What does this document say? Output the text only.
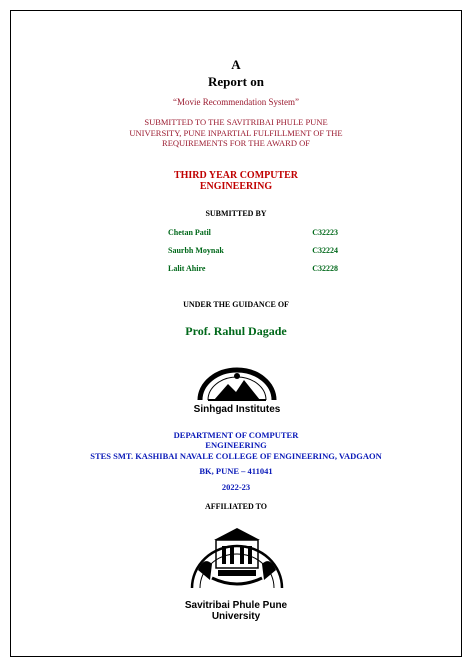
A
Report on
“Movie Recommendation System”
SUBMITTED TO THE SAVITRIBAI PHULE PUNE
UNIVERSITY, PUNE INPARTIAL FULFILLMENT OF THE
REQUIREMENTS FOR THE AWARD OF
THIRD YEAR COMPUTER
ENGINEERING
SUBMITTED BY
Chetan Patil	C32223
Saurbh Moynak	C32224
Lalit Ahire	C32228
UNDER THE GUIDANCE OF
Prof. Rahul Dagade
Sinhgad Institutes
DEPARTMENT OF COMPUTER
ENGINEERING
STES SMT. KASHIBAI NAVALE COLLEGE OF ENGINEERING, VADGAON
BK, PUNE – 411041
2022-23
AFFILIATED TO
Savitribai Phule Pune
University
